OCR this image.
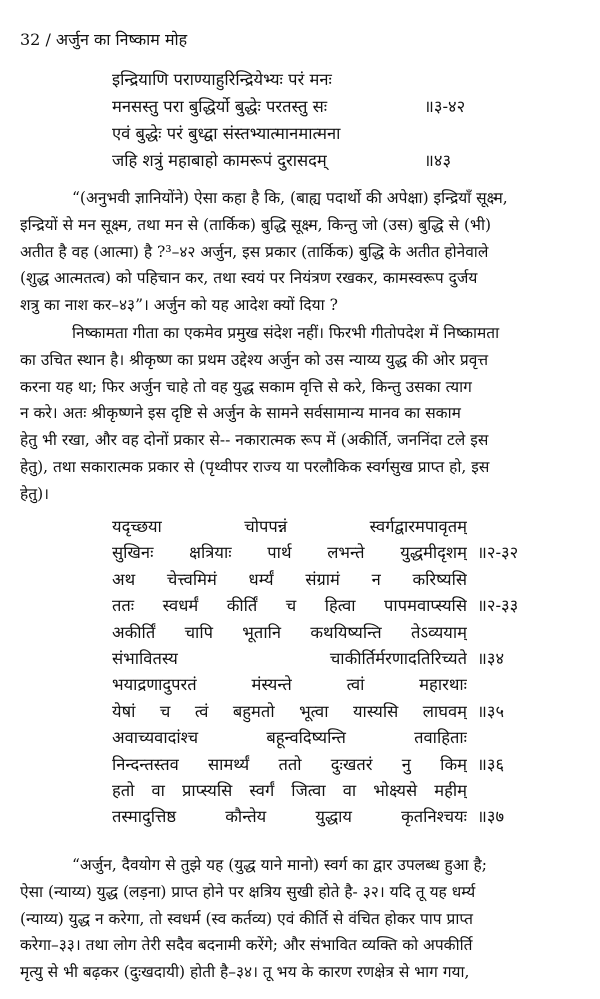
32 / अर्जुन का निष्काम मोह
इन्द्रियाणि पराण्याहुरिन्द्रियेभ्यः परं मनः
मनसस्तु परा बुद्धिर्यो बुद्धेः परतस्तु सः	॥३-४२
एवं बुद्धेः परं बुध्द्वा संस्तभ्यात्मानमात्मना
जहि शत्रुं महाबाहो कामरूपं दुरासदम्	॥४३
“(अनुभवी ज्ञानियोंने) ऐसा कहा है कि, (बाह्य पदार्थो की अपेक्षा) इन्द्रियाँ सूक्ष्म,
इन्द्रियों से मन सूक्ष्म, तथा मन से (तार्किक) बुद्धि सूक्ष्म, किन्तु जो (उस) बुद्धि से (भी)
अतीत है वह (आत्मा) है ?³–४२ अर्जुन, इस प्रकार (तार्किक) बुद्धि के अतीत होनेवाले
(शुद्ध आत्मतत्व) को पहिचान कर, तथा स्वयं पर नियंत्रण रखकर, कामस्वरूप दुर्जय
शत्रु का नाश कर–४३”। अर्जुन को यह आदेश क्यों दिया ?
निष्कामता गीता का एकमेव प्रमुख संदेश नहीं। फिरभी गीतोपदेश में निष्कामता
का उचित स्थान है। श्रीकृष्ण का प्रथम उद्देश्य अर्जुन को उस न्याय्य युद्ध की ओर प्रवृत्त
करना यह था; फिर अर्जुन चाहे तो वह युद्ध सकाम वृत्ति से करे, किन्तु उसका त्याग
न करे। अतः श्रीकृष्णने इस दृष्टि से अर्जुन के सामने सर्वसामान्य मानव का सकाम
हेतु भी रखा, और वह दोनों प्रकार से-- नकारात्मक रूप में (अकीर्ति, जननिंदा टले इस
हेतु), तथा सकारात्मक प्रकार से (पृथ्वीपर राज्य या परलौकिक स्वर्गसुख प्राप्त हो, इस
हेतु)।
यदृच्छया चोपपन्नं स्वर्गद्वारमपावृतम्
सुखिनः क्षत्रियाः पार्थ लभन्ते युद्धमीदृशम् ॥२-३२
अथ चेत्त्वमिमं धर्म्यं संग्रामं न करिष्यसि
ततः स्वधर्मं कीर्तिं च हित्वा पापमवाप्स्यसि ॥२-३३
अकीर्तिं चापि भूतानि कथयिष्यन्ति तेऽव्ययाम्
संभावितस्य चाकीर्तिर्मरणादतिरिच्यते ॥३४
भयाद्रणादुपरतं मंस्यन्ते त्वां महारथाः
येषां च त्वं बहुमतो भूत्वा यास्यसि लाघवम् ॥३५
अवाच्यवादांश्च बहून्वदिष्यन्ति तवाहिताः
निन्दन्तस्तव सामर्थ्यं ततो दुःखतरं नु किम् ॥३६
हतो वा प्राप्स्यसि स्वर्गं जित्वा वा भोक्ष्यसे महीम्
तस्मादुत्तिष्ठ कौन्तेय युद्धाय कृतनिश्चयः ॥३७
“अर्जुन, दैवयोग से तुझे यह (युद्ध याने मानो) स्वर्ग का द्वार उपलब्ध हुआ है;
ऐसा (न्याय्य) युद्ध (लड़ना) प्राप्त होने पर क्षत्रिय सुखी होते है- ३२। यदि तू यह धर्म्य
(न्याय्य) युद्ध न करेगा, तो स्वधर्म (स्व कर्तव्य) एवं कीर्ति से वंचित होकर पाप प्राप्त
करेगा–३३। तथा लोग तेरी सदैव बदनामी करेंगे; और संभावित व्यक्ति को अपकीर्ति
मृत्यु से भी बढ़कर (दुःखदायी) होती है–३४। तू भय के कारण रणक्षेत्र से भाग गया,
